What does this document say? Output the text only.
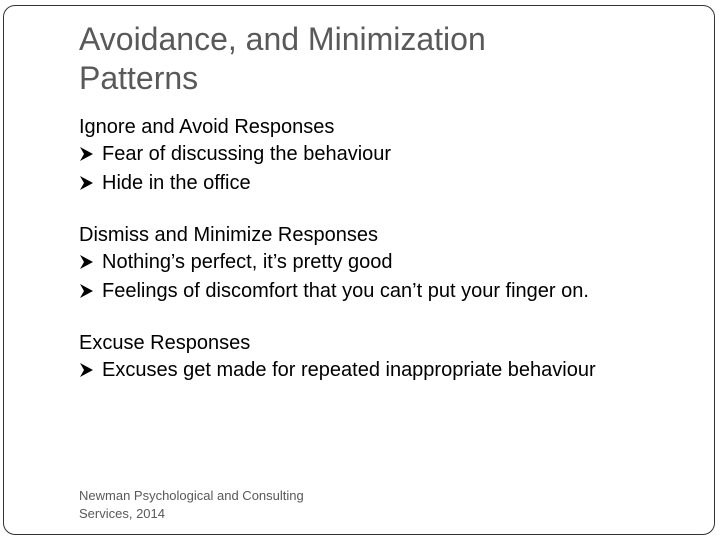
Avoidance, and Minimization
Patterns

Ignore and Avoid Responses

Fear of discussing the behaviour
Hide in the office

Dismiss and Minimize Responses

Nothing’s perfect, it’s pretty good
Feelings of discomfort that you can’t put your finger on.

Excuse Responses

Excuses get made for repeated inappropriate behaviour
Newman Psychological and Consulting
Services, 2014
